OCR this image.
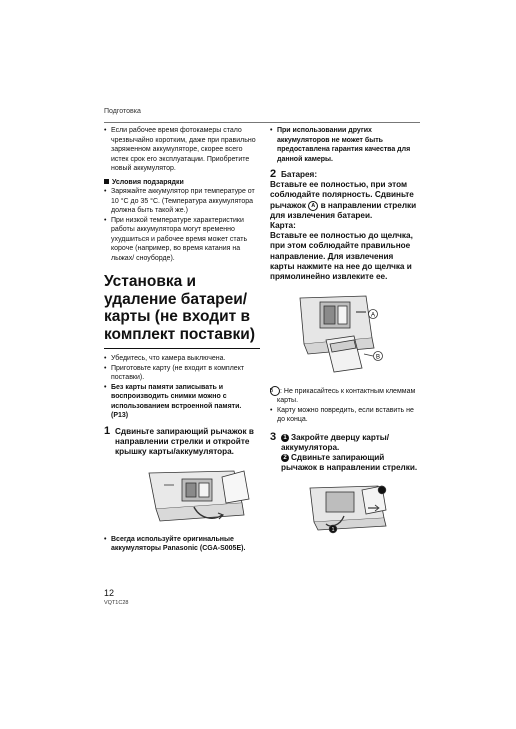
Подготовка

• Если рабочее время фотокамеры стало чрезвычайно коротким, даже при правильно заряженном аккумуляторе, скорее всего истек срок его эксплуатации. Приобретите новый аккумулятор.

Условия подзарядки

• Заряжайте аккумулятор при температуре от 10 °C до 35 °C. (Температура аккумулятора должна быть такой же.)

• При низкой температуре характеристики работы аккумулятора могут временно ухудшиться и рабочее время может стать короче (например, во время катания на лыжах/ сноуборде).

Установка и удаление батареи/ карты (не входит в комплект поставки)

• Убедитесь, что камера выключена.

• Приготовьте карту (не входит в комплект поставки).

• Без карты памяти записывать и воспроизводить снимки можно с использованием встроенной памяти. (P13)

1 Сдвиньте запирающий рычажок в направлении стрелки и откройте крышку карты/аккумулятора.

• Всегда используйте оригинальные аккумуляторы Panasonic (CGA-S005E).

• При использовании других аккумуляторов не может быть предоставлена гарантия качества для данной камеры.

2 Батарея:
Вставьте ее полностью, при этом соблюдайте полярность. Сдвиньте рычажок A в направлении стрелки для извлечения батареи.
Карта:
Вставьте ее полностью до щелчка, при этом соблюдайте правильное направление. Для извлечения карты нажмите на нее до щелчка и прямолинейно извлеките ее.
A
B

B : Не прикасайтесь к контактным клеммам карты.

• Карту можно повредить, если вставить не до конца.

3 1 Закройте дверцу карты/ аккумулятора.
2 Сдвиньте запирающий рычажок в направлении стрелки.
1
12
VQT1C28
